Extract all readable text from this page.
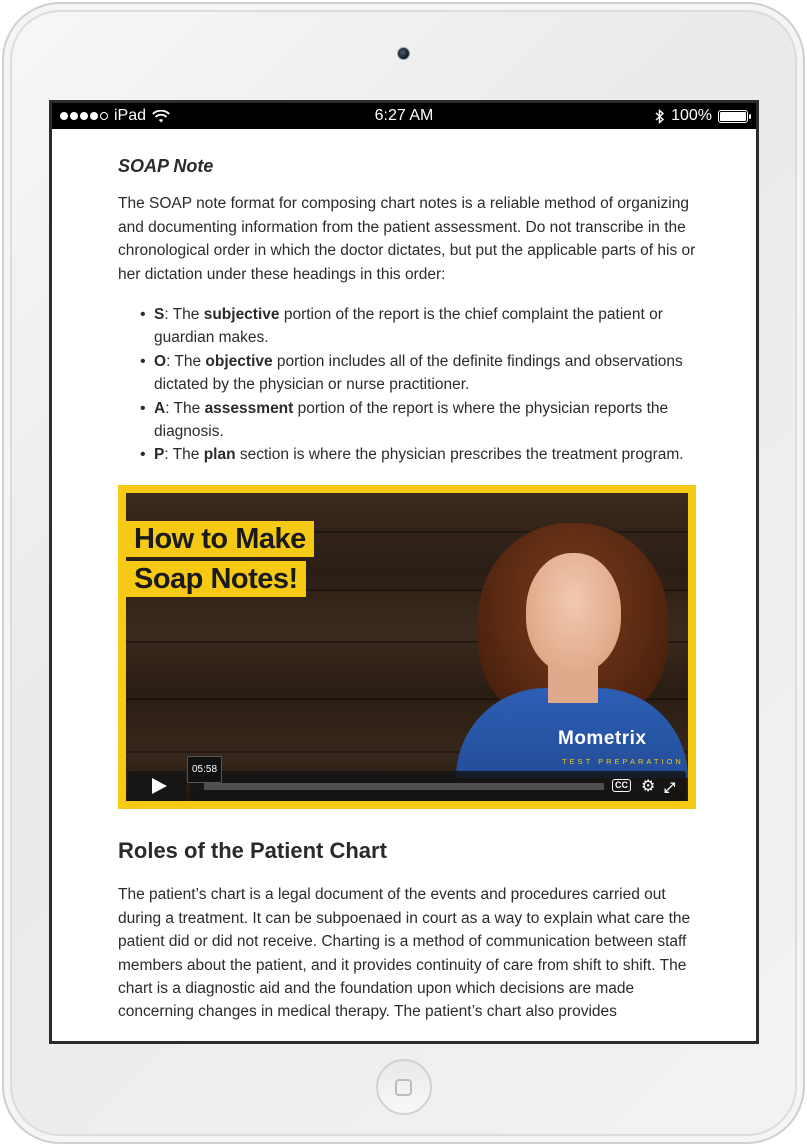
iPad	6:27 AM	100%
SOAP Note

The SOAP note format for composing chart notes is a reliable method of organizing and documenting information from the patient assessment. Do not transcribe in the chronological order in which the doctor dictates, but put the applicable parts of his or her dictation under these headings in this order:

• S: The subjective portion of the report is the chief complaint the patient or guardian makes.
• O: The objective portion includes all of the definite findings and observations dictated by the physician or nurse practitioner.
• A: The assessment portion of the report is where the physician reports the diagnosis.
• P: The plan section is where the physician prescribes the treatment program.
How to Make
Soap Notes!
Mometrix
TEST PREPARATION
05:58
CC ⚙ ⤢
Roles of the Patient Chart

The patient’s chart is a legal document of the events and procedures carried out during a treatment. It can be subpoenaed in court as a way to explain what care the patient did or did not receive. Charting is a method of communication between staff members about the patient, and it provides continuity of care from shift to shift. The chart is a diagnostic aid and the foundation upon which decisions are made concerning changes in medical therapy. The patient’s chart also provides
